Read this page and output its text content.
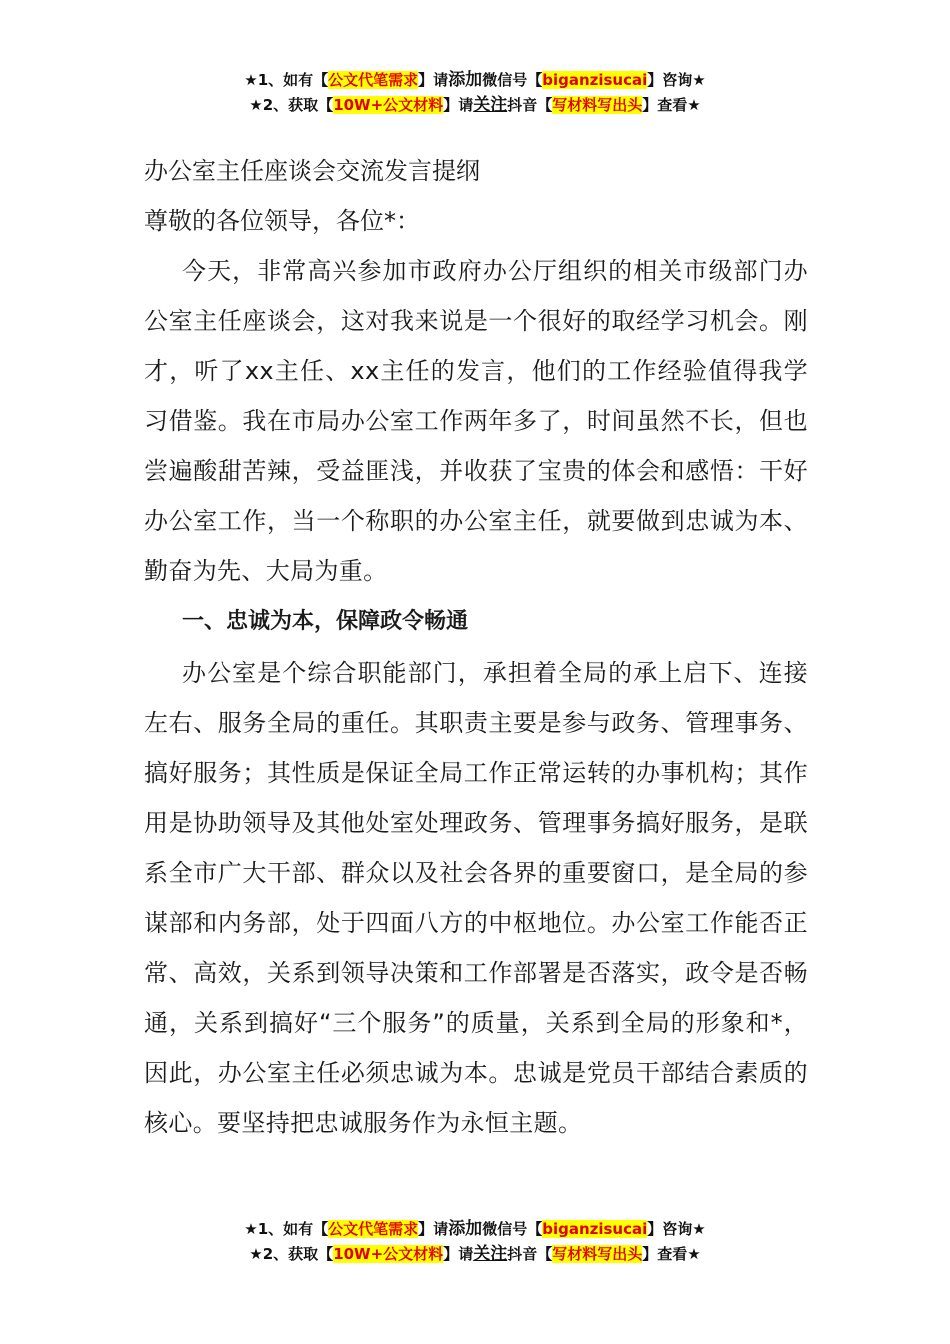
★1、如有【公文代笔需求】请添加微信号【biganzisucai】咨询★
★2、获取【10W+公文材料】请关注抖音【写材料写出头】查看★

办公室主任座谈会交流发言提纲

尊敬的各位领导，各位*：

今天，非常高兴参加市政府办公厅组织的相关市级部门办公室主任座谈会，这对我来说是一个很好的取经学习机会。刚才，听了xx主任、xx主任的发言，他们的工作经验值得我学习借鉴。我在市局办公室工作两年多了，时间虽然不长，但也尝遍酸甜苦辣，受益匪浅，并收获了宝贵的体会和感悟：干好办公室工作，当一个称职的办公室主任，就要做到忠诚为本、勤奋为先、大局为重。

一、忠诚为本，保障政令畅通

办公室是个综合职能部门，承担着全局的承上启下、连接左右、服务全局的重任。其职责主要是参与政务、管理事务、搞好服务；其性质是保证全局工作正常运转的办事机构；其作用是协助领导及其他处室处理政务、管理事务搞好服务，是联系全市广大干部、群众以及社会各界的重要窗口，是全局的参谋部和内务部，处于四面八方的中枢地位。办公室工作能否正常、高效，关系到领导决策和工作部署是否落实，政令是否畅通，关系到搞好“三个服务”的质量，关系到全局的形象和*，因此，办公室主任必须忠诚为本。忠诚是党员干部结合素质的核心。要坚持把忠诚服务作为永恒主题。

★1、如有【公文代笔需求】请添加微信号【biganzisucai】咨询★
★2、获取【10W+公文材料】请关注抖音【写材料写出头】查看★
